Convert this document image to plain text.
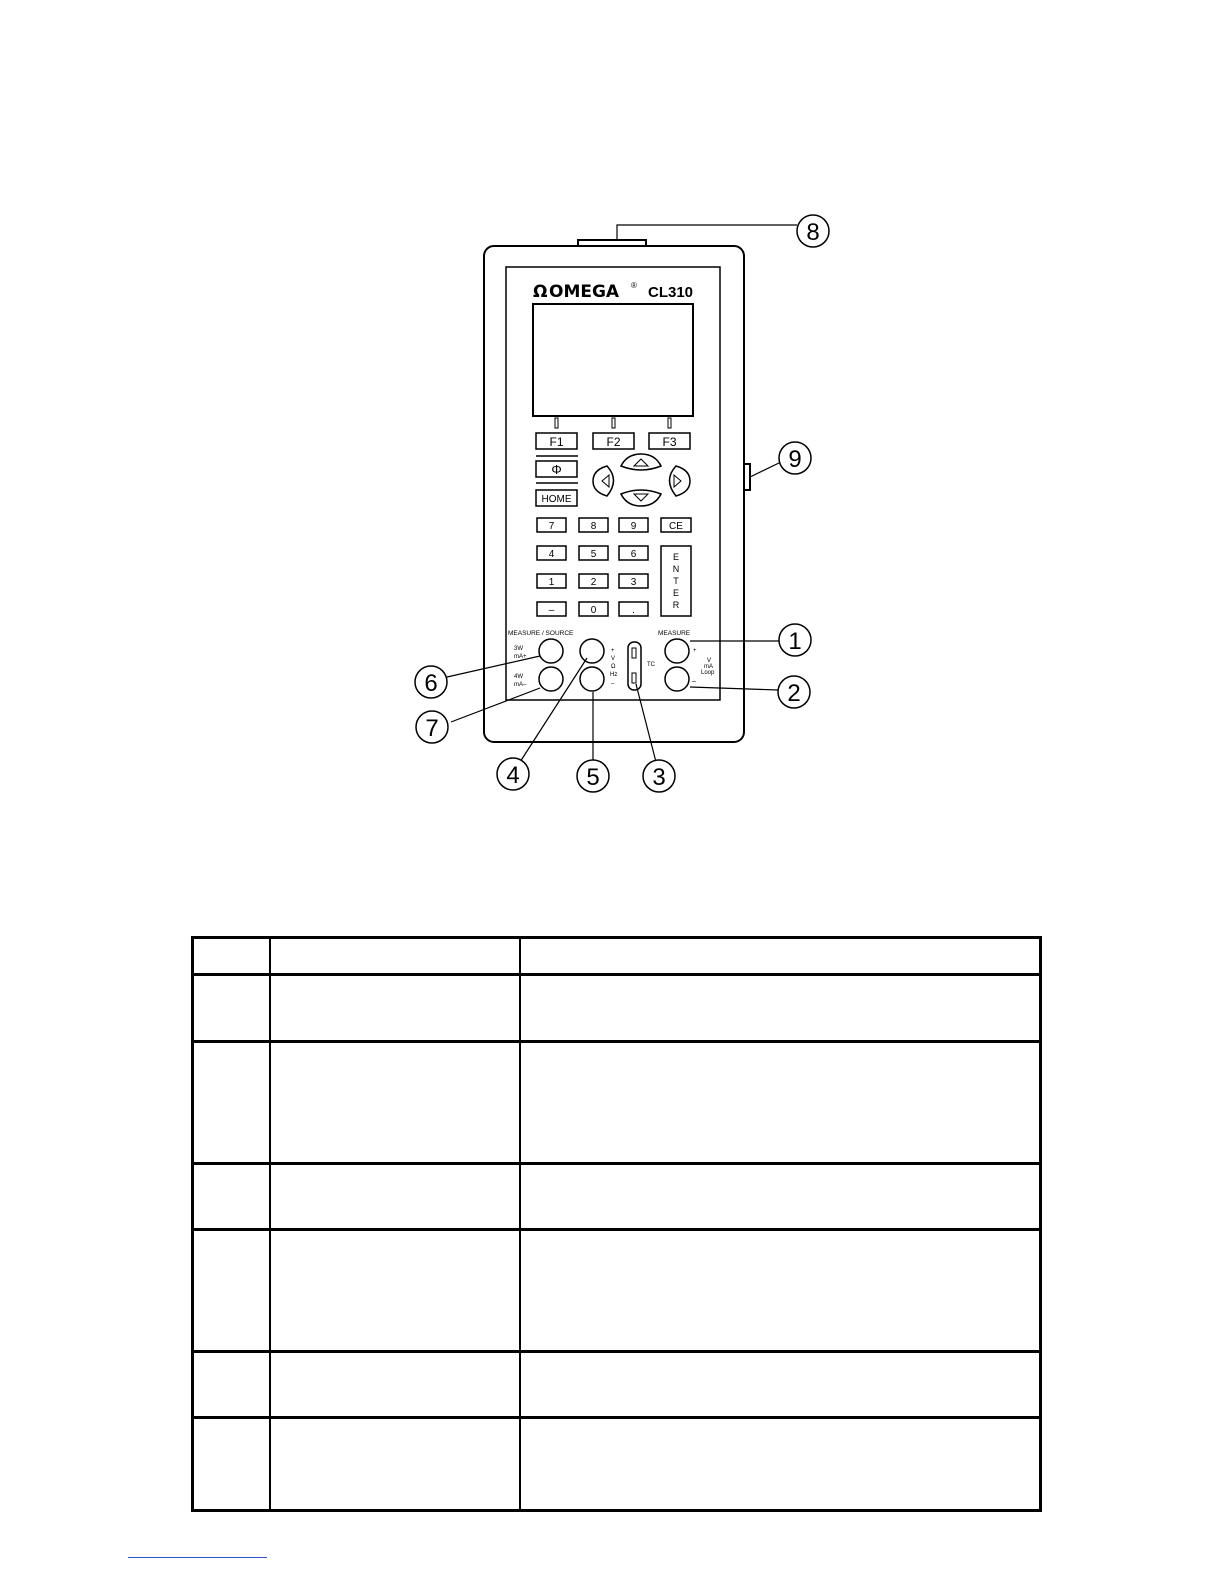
Ω OMEGA ® CL310
F1	F2	F3
Φ
HOME
7	8	9	CE
4	5	6
1	2	3
–	0	.
E
N
T
E
R
MEASURE / SOURCE
3W
mA+
4W
mA–
+
V
Ω
Hz
–
TC
MEASURE
+
V
mA
Loop
–
8
9
1
2
6
7
4	5 3
